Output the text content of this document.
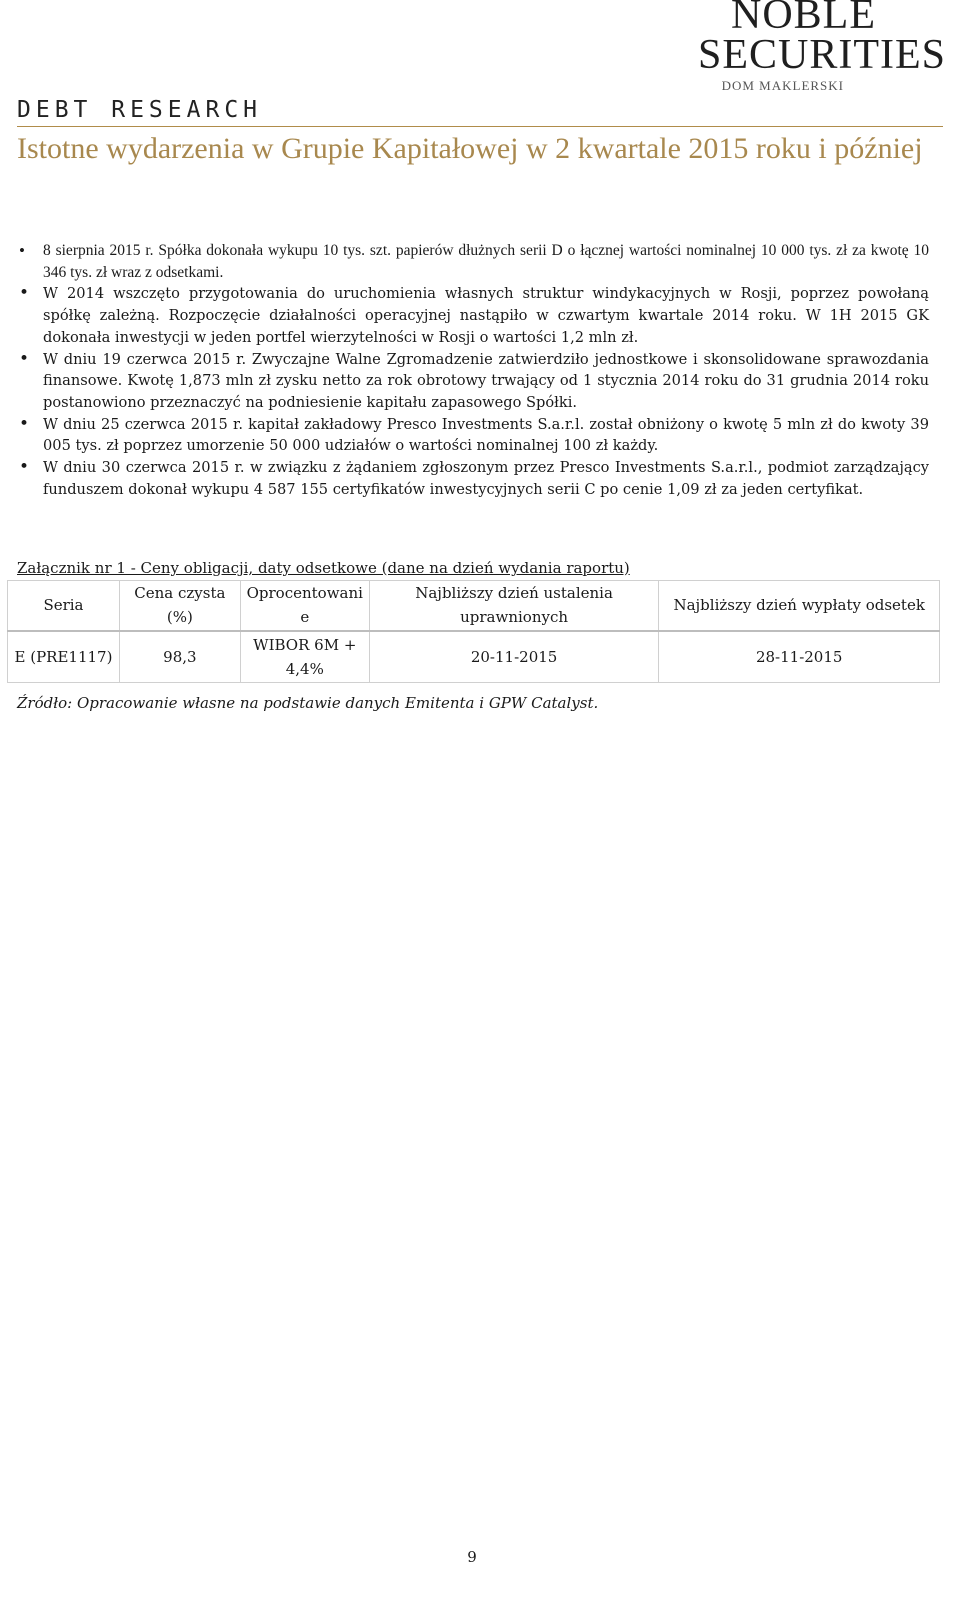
NOBLE
SECURITIES
DOM MAKLERSKI
DEBT RESEARCH
Istotne wydarzenia w Grupie Kapitałowej w 2 kwartale 2015 roku i później
• 8 sierpnia 2015 r. Spółka dokonała wykupu 10 tys. szt. papierów dłużnych serii D o łącznej wartości nominalnej 10 000 tys. zł za kwotę 10 346 tys. zł wraz z odsetkami.
• W 2014 wszczęto przygotowania do uruchomienia własnych struktur windykacyjnych w Rosji, poprzez powołaną spółkę zależną. Rozpoczęcie działalności operacyjnej nastąpiło w czwartym kwartale 2014 roku. W 1H 2015 GK dokonała inwestycji w jeden portfel wierzytelności w Rosji o wartości 1,2 mln zł.
• W dniu 19 czerwca 2015 r. Zwyczajne Walne Zgromadzenie zatwierdziło jednostkowe i skonsolidowane sprawozdania finansowe. Kwotę 1,873 mln zł zysku netto za rok obrotowy trwający od 1 stycznia 2014 roku do 31 grudnia 2014 roku postanowiono przeznaczyć na podniesienie kapitału zapasowego Spółki.
• W dniu 25 czerwca 2015 r. kapitał zakładowy Presco Investments S.a.r.l. został obniżony o kwotę 5 mln zł do kwoty 39 005 tys. zł poprzez umorzenie 50 000 udziałów o wartości nominalnej 100 zł każdy.
• W dniu 30 czerwca 2015 r. w związku z żądaniem zgłoszonym przez Presco Investments S.a.r.l., podmiot zarządzający funduszem dokonał wykupu 4 587 155 certyfikatów inwestycyjnych serii C po cenie 1,09 zł za jeden certyfikat.
Załącznik nr 1 - Ceny obligacji, daty odsetkowe (dane na dzień wydania raportu)
Seria	Cena czysta (%)	Oprocentowani e	Najbliższy dzień ustalenia uprawnionych	Najbliższy dzień wypłaty odsetek
E (PRE1117)	98,3	WIBOR 6M + 4,4%	20-11-2015	28-11-2015
Źródło: Opracowanie własne na podstawie danych Emitenta i GPW Catalyst.
9
